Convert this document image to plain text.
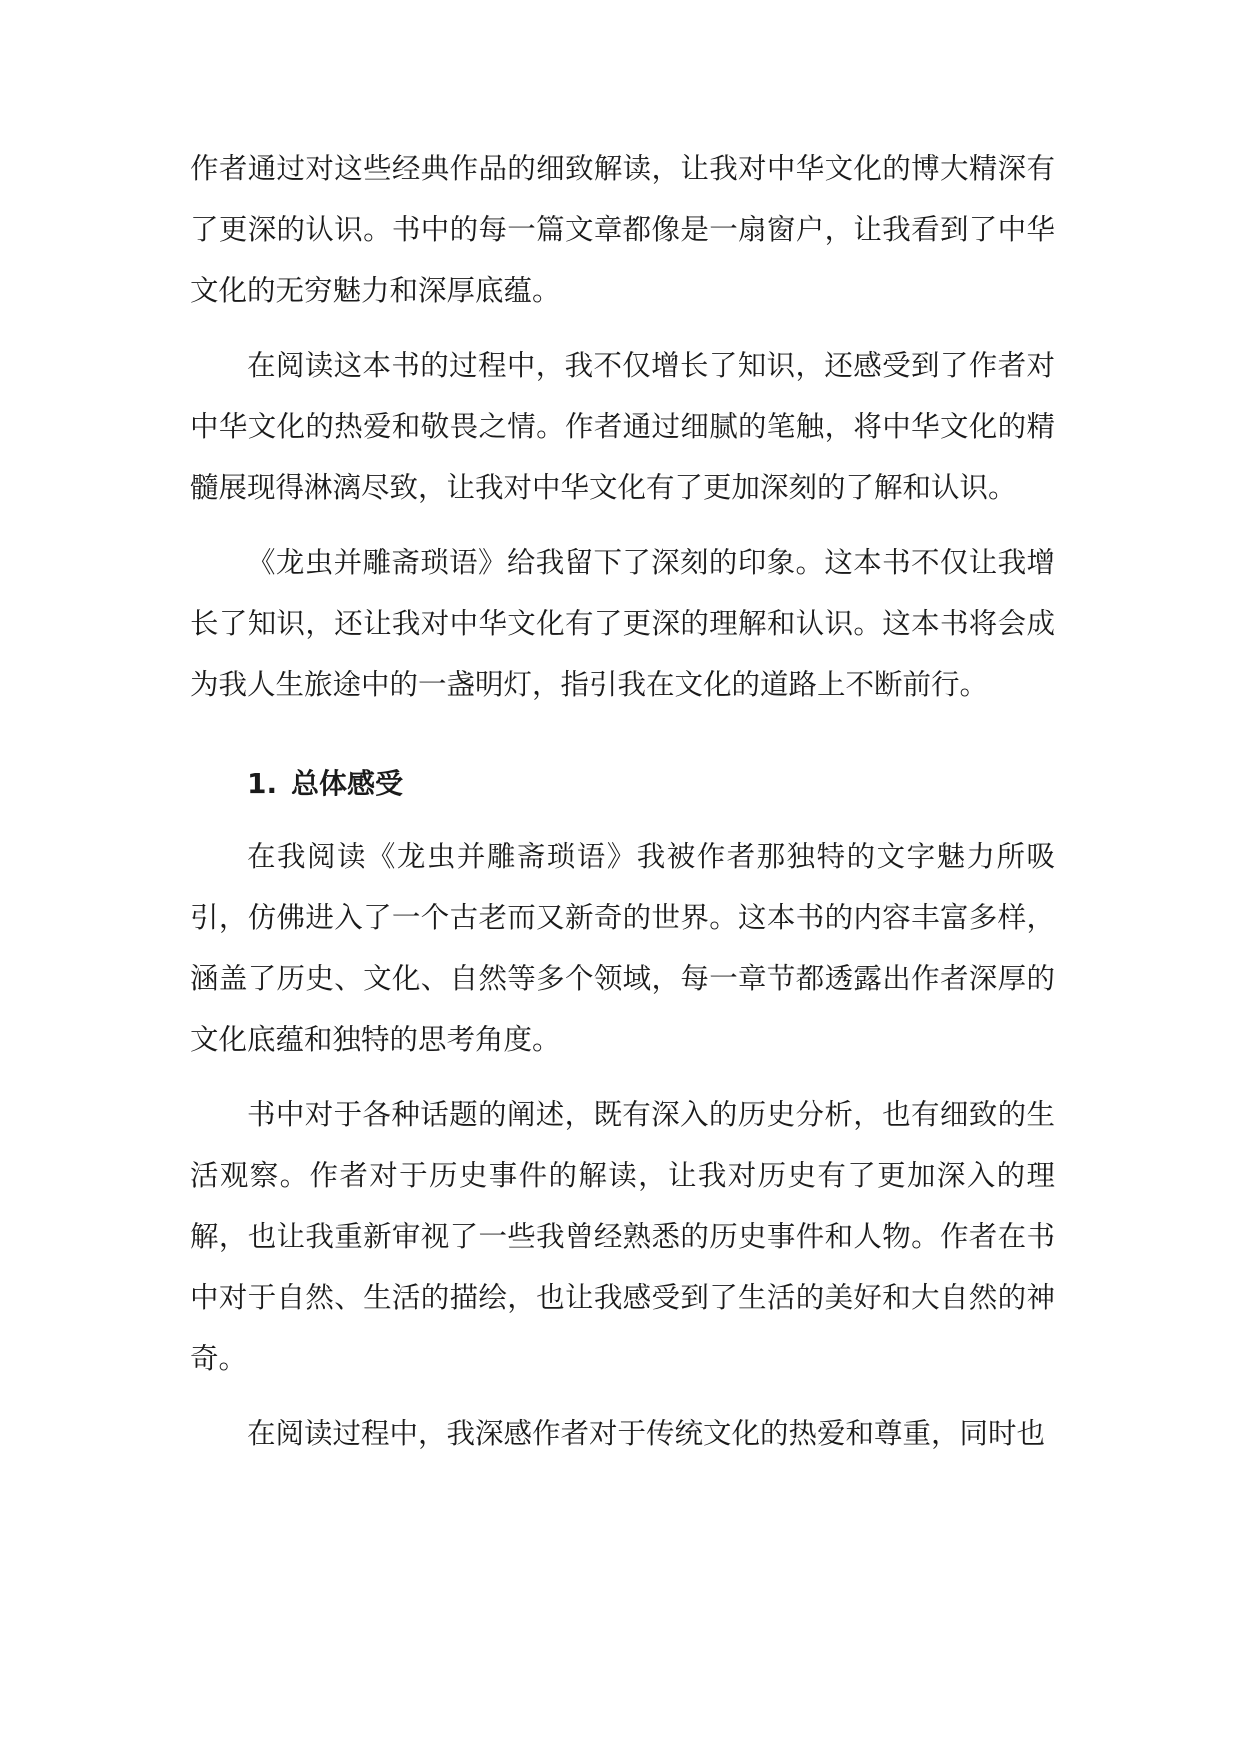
作者通过对这些经典作品的细致解读，让我对中华文化的博大精深有了更深的认识。书中的每一篇文章都像是一扇窗户，让我看到了中华文化的无穷魅力和深厚底蕴。

在阅读这本书的过程中，我不仅增长了知识，还感受到了作者对中华文化的热爱和敬畏之情。作者通过细腻的笔触，将中华文化的精髓展现得淋漓尽致，让我对中华文化有了更加深刻的了解和认识。

《龙虫并雕斋琐语》给我留下了深刻的印象。这本书不仅让我增长了知识，还让我对中华文化有了更深的理解和认识。这本书将会成为我人生旅途中的一盏明灯，指引我在文化的道路上不断前行。

1. 总体感受

在我阅读《龙虫并雕斋琐语》我被作者那独特的文字魅力所吸引，仿佛进入了一个古老而又新奇的世界。这本书的内容丰富多样，涵盖了历史、文化、自然等多个领域，每一章节都透露出作者深厚的文化底蕴和独特的思考角度。

书中对于各种话题的阐述，既有深入的历史分析，也有细致的生活观察。作者对于历史事件的解读，让我对历史有了更加深入的理解，也让我重新审视了一些我曾经熟悉的历史事件和人物。作者在书中对于自然、生活的描绘，也让我感受到了生活的美好和大自然的神奇。

在阅读过程中，我深感作者对于传统文化的热爱和尊重，同时也
